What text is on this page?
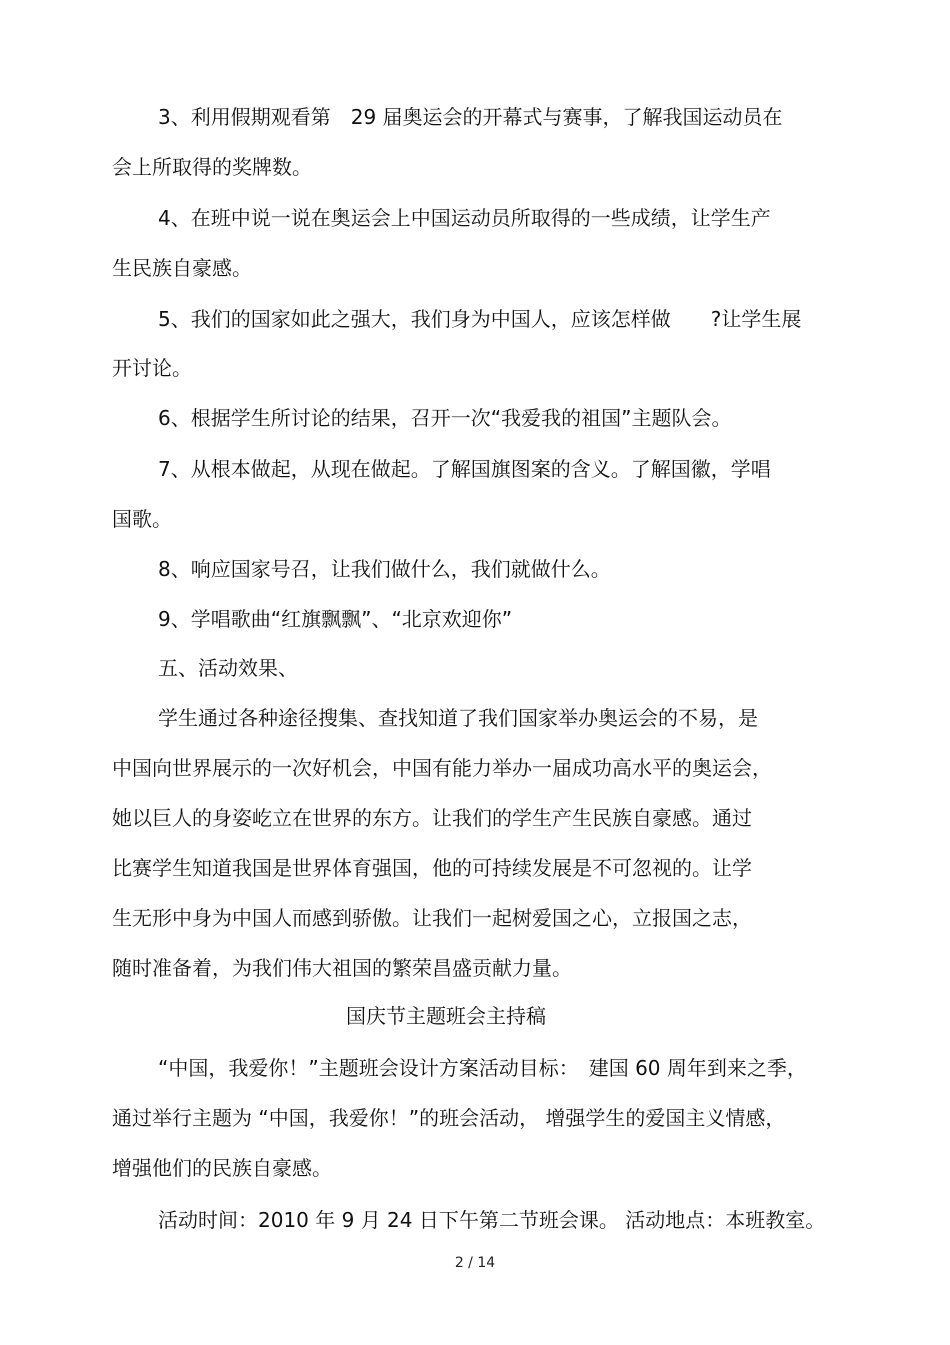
3、利用假期观看第　29 届奥运会的开幕式与赛事，了解我国运动员在

会上所取得的奖牌数。

4、在班中说一说在奥运会上中国运动员所取得的一些成绩，让学生产

生民族自豪感。

5、我们的国家如此之强大，我们身为中国人，应该怎样做　　?让学生展

开讨论。

6、根据学生所讨论的结果，召开一次“我爱我的祖国”主题队会。

7、从根本做起，从现在做起。了解国旗图案的含义。了解国徽，学唱

国歌。

8、响应国家号召，让我们做什么，我们就做什么。

9、学唱歌曲“红旗飘飘”、“北京欢迎你”

五、活动效果、

学生通过各种途径搜集、查找知道了我们国家举办奥运会的不易，是

中国向世界展示的一次好机会，中国有能力举办一届成功高水平的奥运会，

她以巨人的身姿屹立在世界的东方。让我们的学生产生民族自豪感。通过

比赛学生知道我国是世界体育强国，他的可持续发展是不可忽视的。让学

生无形中身为中国人而感到骄傲。让我们一起树爱国之心，立报国之志，

随时准备着，为我们伟大祖国的繁荣昌盛贡献力量。

国庆节主题班会主持稿

“中国，我爱你！”主题班会设计方案活动目标：　建国 60 周年到来之季，

通过举行主题为 “中国，我爱你！”的班会活动， 增强学生的爱国主义情感，

增强他们的民族自豪感。

活动时间：2010 年 9 月 24 日下午第二节班会课。 活动地点：本班教室。

2 / 14
